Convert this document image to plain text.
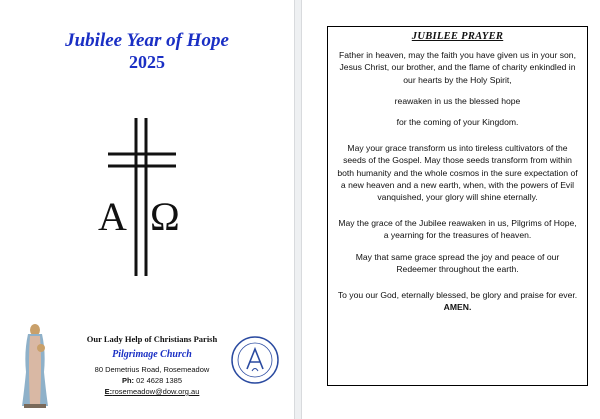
Jubilee Year of Hope
2025
A Ω
Our Lady Help of Christians Parish
Pilgrimage Church
80 Demetrius Road, Rosemeadow
Ph: 02 4628 1385
E:rosemeadow@dow.org.au
JUBILEE PRAYER

Father in heaven, may the faith you have given us in your son, Jesus Christ, our brother, and the flame of charity enkindled in our hearts by the Holy Spirit,

reawaken in us the blessed hope

for the coming of your Kingdom.

May your grace transform us into tireless cultivators of the seeds of the Gospel. May those seeds transform from within both humanity and the whole cosmos in the sure expectation of a new heaven and a new earth, when, with the powers of Evil vanquished, your glory will shine eternally.

May the grace of the Jubilee reawaken in us, Pilgrims of Hope, a yearning for the treasures of heaven.

May that same grace spread the joy and peace of our Redeemer throughout the earth.

To you our God, eternally blessed, be glory and praise for ever. AMEN.
